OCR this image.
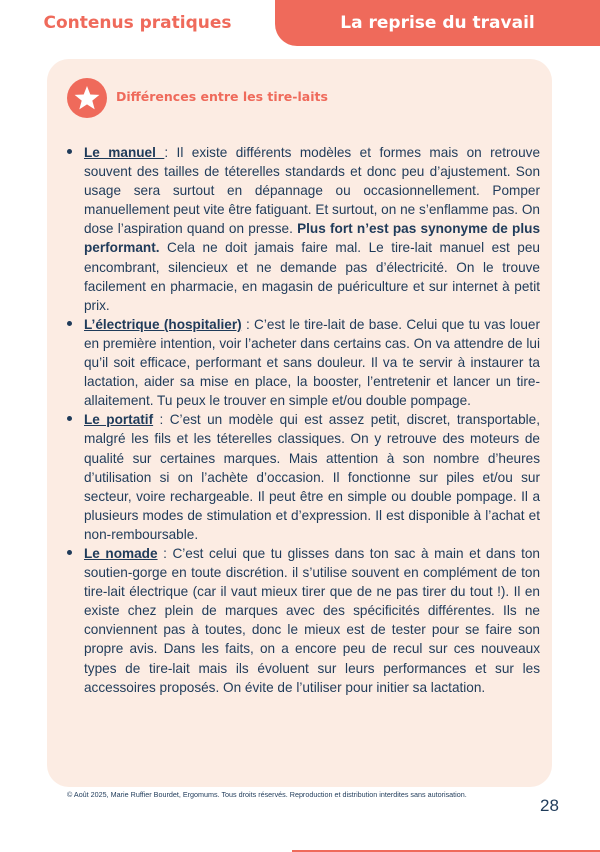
Contenus pratiques	La reprise du travail
Différences entre les tire-laits
Le manuel : Il existe différents modèles et formes mais on retrouve souvent des tailles de téterelles standards et donc peu d’ajustement. Son usage sera surtout en dépannage ou occasionnellement. Pomper manuellement peut vite être fatiguant. Et surtout, on ne s’enflamme pas. On dose l’aspiration quand on presse. Plus fort n’est pas synonyme de plus performant. Cela ne doit jamais faire mal. Le tire-lait manuel est peu encombrant, silencieux et ne demande pas d’électricité. On le trouve facilement en pharmacie, en magasin de puériculture et sur internet à petit prix.
L’électrique (hospitalier) : C’est le tire-lait de base. Celui que tu vas louer en première intention, voir l’acheter dans certains cas. On va attendre de lui qu’il soit efficace, performant et sans douleur. Il va te servir à instaurer ta lactation, aider sa mise en place, la booster, l’entretenir et lancer un tire-allaitement. Tu peux le trouver en simple et/ou double pompage.
Le portatif : C’est un modèle qui est assez petit, discret, transportable, malgré les fils et les téterelles classiques. On y retrouve des moteurs de qualité sur certaines marques. Mais attention à son nombre d’heures d’utilisation si on l’achète d’occasion. Il fonctionne sur piles et/ou sur secteur, voire rechargeable. Il peut être en simple ou double pompage. Il a plusieurs modes de stimulation et d’expression. Il est disponible à l’achat et non-remboursable.
Le nomade : C’est celui que tu glisses dans ton sac à main et dans ton soutien-gorge en toute discrétion. il s’utilise souvent en complément de ton tire-lait électrique (car il vaut mieux tirer que de ne pas tirer du tout !). Il en existe chez plein de marques avec des spécificités différentes. Ils ne conviennent pas à toutes, donc le mieux est de tester pour se faire son propre avis. Dans les faits, on a encore peu de recul sur ces nouveaux types de tire-lait mais ils évoluent sur leurs performances et sur les accessoires proposés. On évite de l’utiliser pour initier sa lactation.
© Août 2025, Marie Ruffier Bourdet, Ergomums. Tous droits réservés. Reproduction et distribution interdites sans autorisation.
28
